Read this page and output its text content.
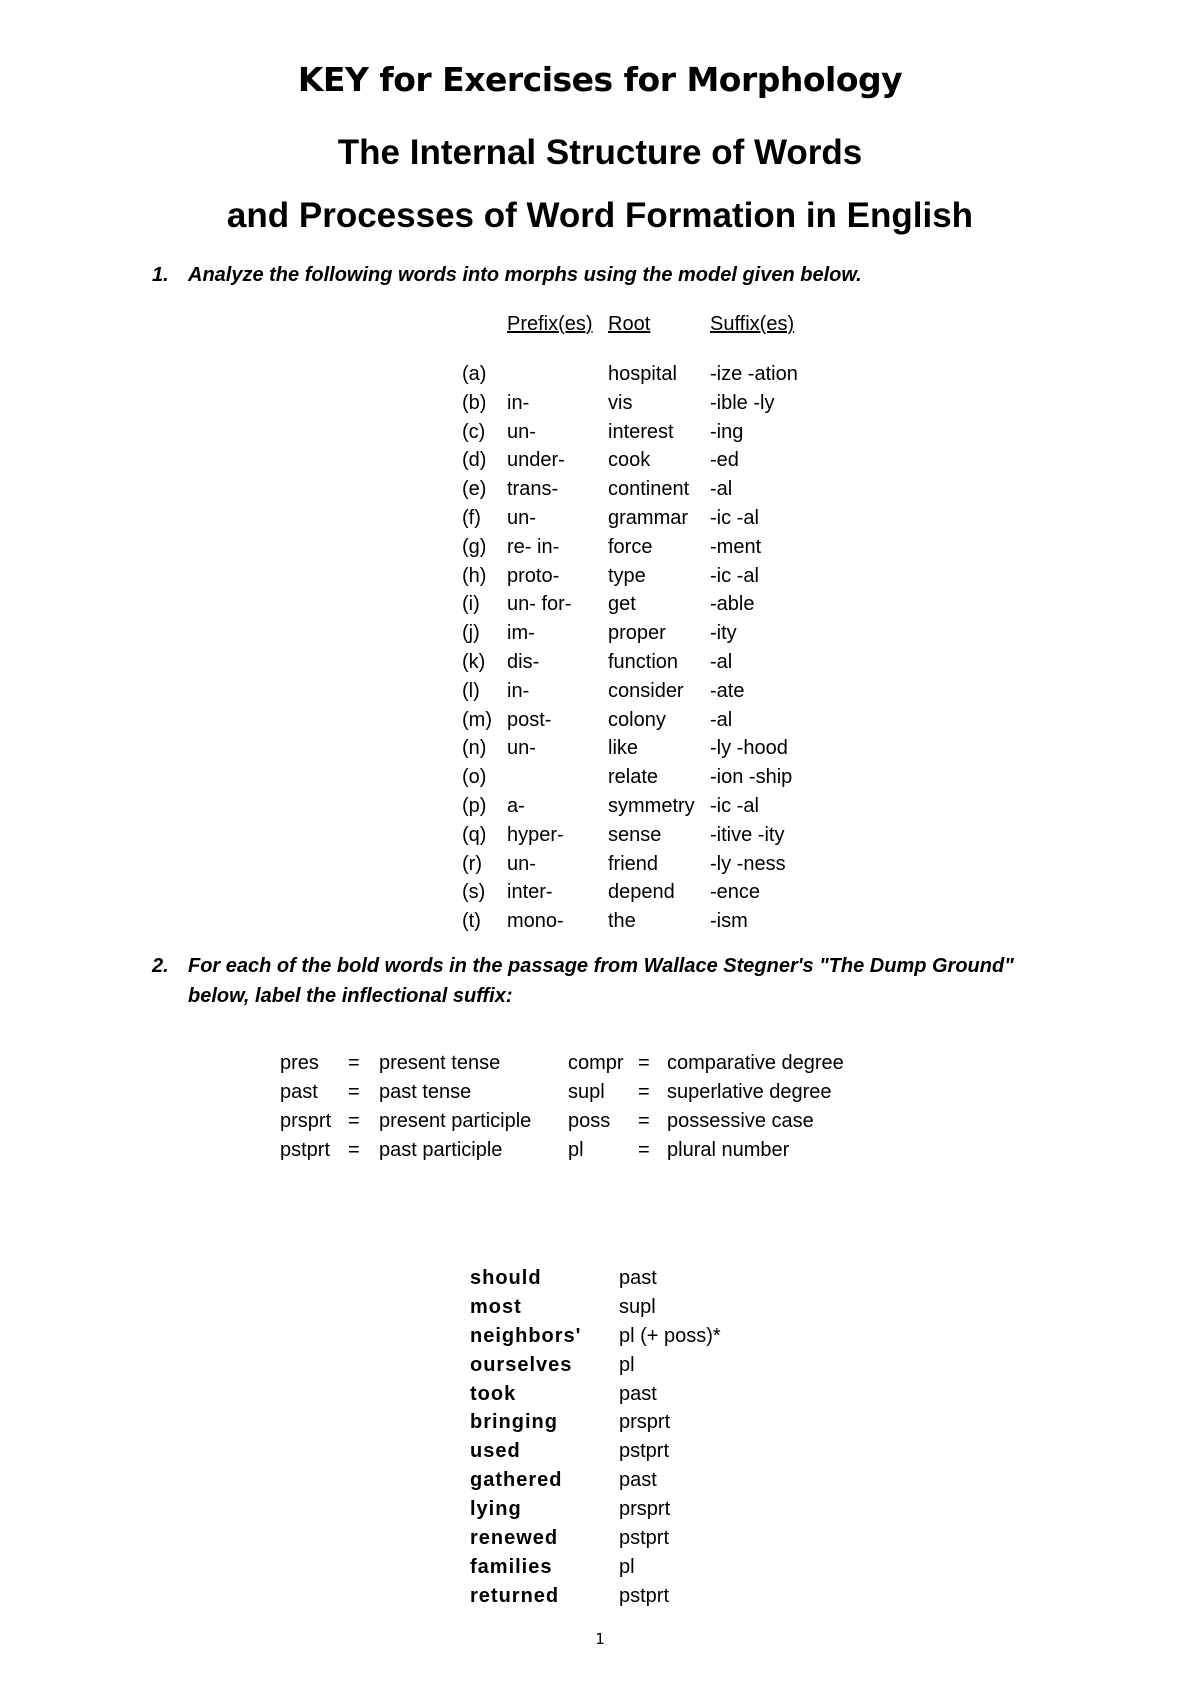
KEY for Exercises for Morphology
The Internal Structure of Words
and Processes of Word Formation in English
1. Analyze the following words into morphs using the model given below.
Prefix(es) Root	Suffix(es)
(a)	hospital -ize -ation
(b) in-	vis	-ible -ly
(c) un-	interest -ing
(d) under- cook	-ed
(e) trans- continent -al
(f) un-	grammar -ic -al
(g) re- in- force	-ment
(h) proto- type	-ic -al
(i) un- for- get	-able
(j) im-	proper -ity
(k) dis-	function -al
(l) in-	consider -ate
(m) post-	colony -al
(n) un-	like	-ly -hood
(o)	relate	-ion -ship
(p) a-	symmetry -ic -al
(q) hyper- sense -itive -ity
(r) un-	friend	-ly -ness
(s) inter-	depend -ence
(t) mono- the	-ism
2. For each of the bold words in the passage from Wallace Stegner's "The Dump Ground" below, label the inflectional suffix:
pres = present tense	compr = comparative degree
past = past tense	supl = superlative degree
prsprt = present participle poss = possessive case
pstprt = past participle	pl	= plural number
should	past
most	supl
neighbors' pl (+ poss)*
ourselves pl
took	past
bringing	prsprt
used	pstprt
gathered	past
lying	prsprt
renewed	pstprt
families	pl
returned	pstprt
1
